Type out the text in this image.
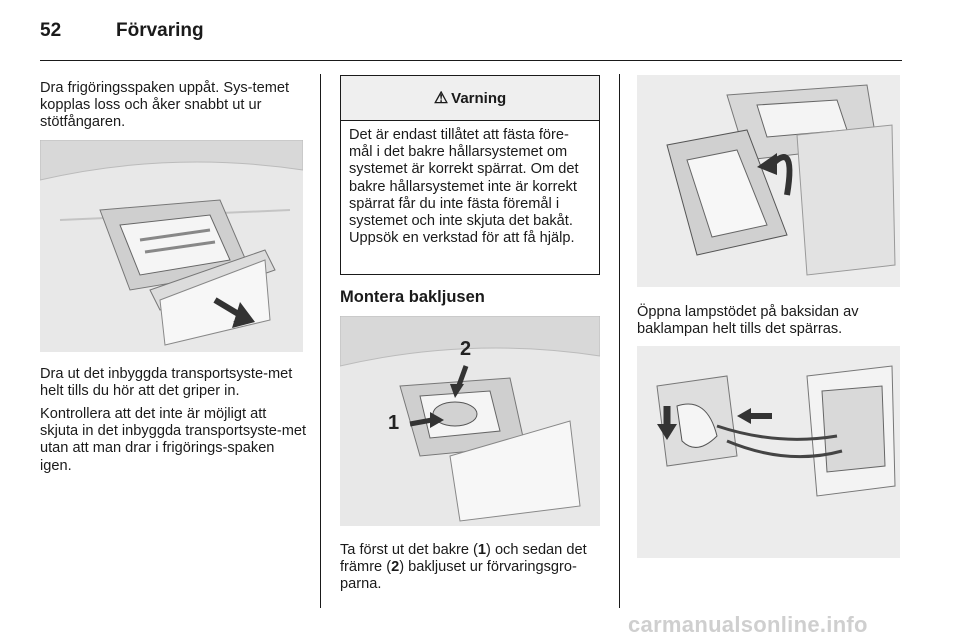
52	Förvaring

Dra frigöringsspaken uppåt. Sys-temet kopplas loss och åker snabbt ut ur stötfångaren.

Dra ut det inbyggda transportsyste-met helt tills du hör att det griper in.

Kontrollera att det inte är möjligt att skjuta in det inbyggda transportsyste-met utan att man drar i frigörings-spaken igen.

⚠ Varning
Det är endast tillåtet att fästa före-mål i det bakre hållarsystemet om systemet är korrekt spärrat. Om det bakre hållarsystemet inte är korrekt spärrat får du inte fästa föremål i systemet och inte skjuta det bakåt. Uppsök en verkstad för att få hjälp.
Montera bakljusen
1
2

Ta först ut det bakre (1) och sedan det främre (2) bakljuset ur förvaringsgro-parna.

Öppna lampstödet på baksidan av baklampan helt tills det spärras.

carmanualsonline.info
